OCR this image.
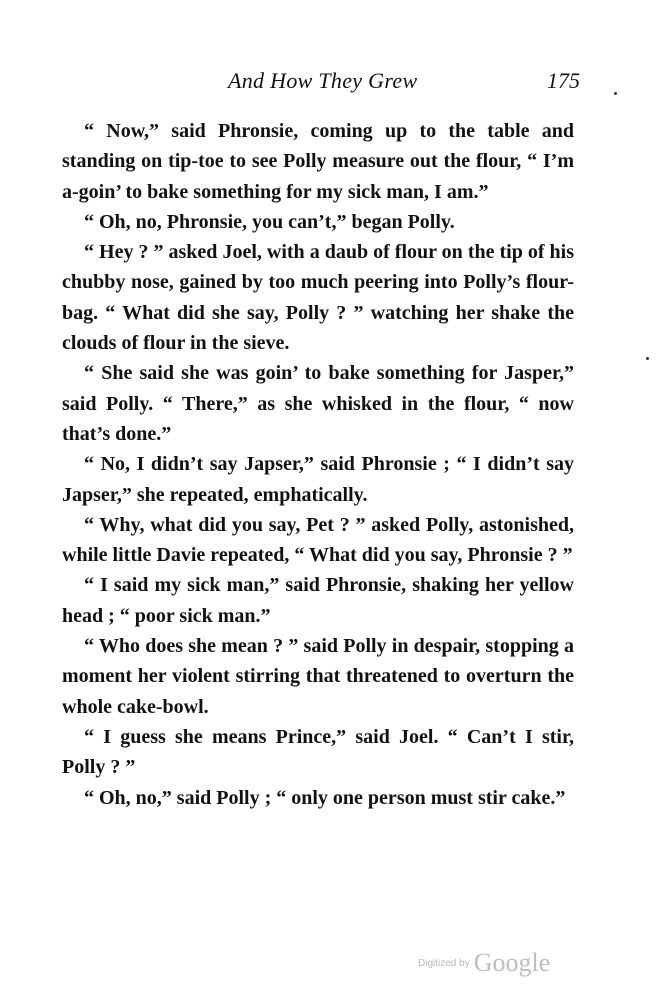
And How They Grew	175

“ Now,” said Phronsie, coming up to the table and standing on tip-toe to see Polly measure out the flour, “ I’m a-goin’ to bake something for my sick man, I am.”

“ Oh, no, Phronsie, you can’t,” began Polly.

“ Hey ? ” asked Joel, with a daub of flour on the tip of his chubby nose, gained by too much peering into Polly’s flour-bag. “ What did she say, Polly ? ” watching her shake the clouds of flour in the sieve.

“ She said she was goin’ to bake something for Jasper,” said Polly. “ There,” as she whisked in the flour, “ now that’s done.”

“ No, I didn’t say Japser,” said Phronsie ; “ I didn’t say Japser,” she repeated, emphatically.

“ Why, what did you say, Pet ? ” asked Polly, astonished, while little Davie repeated, “ What did you say, Phronsie ? ”

“ I said my sick man,” said Phronsie, shaking her yellow head ; “ poor sick man.”

“ Who does she mean ? ” said Polly in despair, stopping a moment her violent stirring that threatened to overturn the whole cake-bowl.

“ I guess she means Prince,” said Joel. “ Can’t I stir, Polly ? ”

“ Oh, no,” said Polly ; “ only one person must stir cake.”

Digitized by Google
